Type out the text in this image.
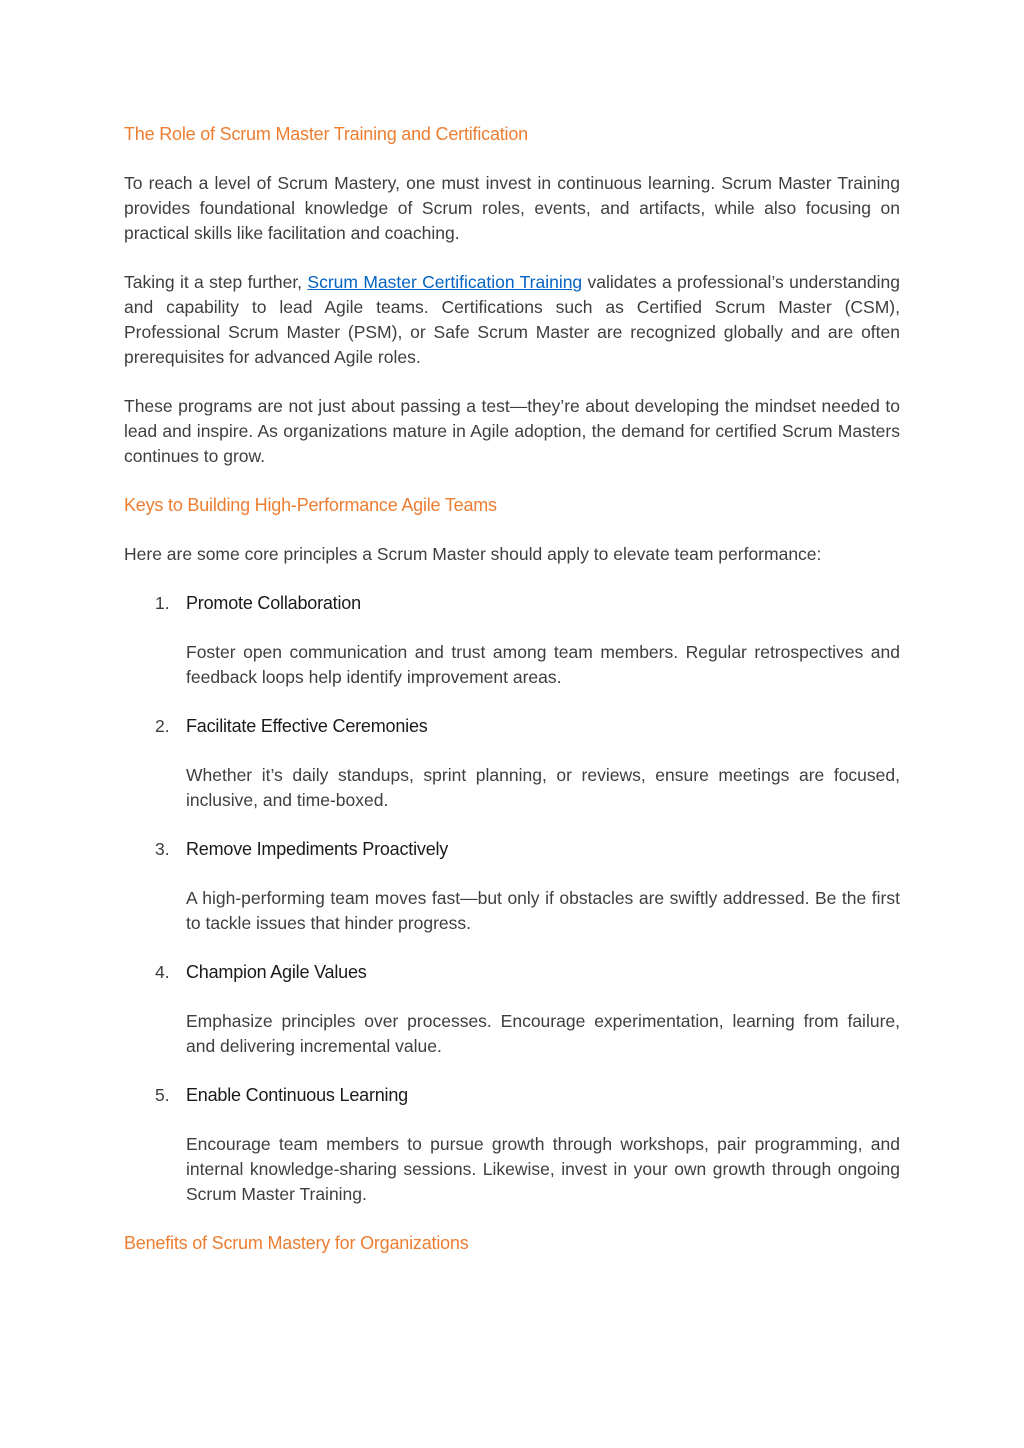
The Role of Scrum Master Training and Certification

To reach a level of Scrum Mastery, one must invest in continuous learning. Scrum Master Training provides foundational knowledge of Scrum roles, events, and artifacts, while also focusing on practical skills like facilitation and coaching.

Taking it a step further, Scrum Master Certification Training validates a professional’s understanding and capability to lead Agile teams. Certifications such as Certified Scrum Master (CSM), Professional Scrum Master (PSM), or Safe Scrum Master are recognized globally and are often prerequisites for advanced Agile roles.

These programs are not just about passing a test—they’re about developing the mindset needed to lead and inspire. As organizations mature in Agile adoption, the demand for certified Scrum Masters continues to grow.

Keys to Building High-Performance Agile Teams

Here are some core principles a Scrum Master should apply to elevate team performance:

1. Promote Collaboration

Foster open communication and trust among team members. Regular retrospectives and feedback loops help identify improvement areas.

2. Facilitate Effective Ceremonies

Whether it’s daily standups, sprint planning, or reviews, ensure meetings are focused, inclusive, and time-boxed.

3. Remove Impediments Proactively

A high-performing team moves fast—but only if obstacles are swiftly addressed. Be the first to tackle issues that hinder progress.

4. Champion Agile Values

Emphasize principles over processes. Encourage experimentation, learning from failure, and delivering incremental value.

5. Enable Continuous Learning

Encourage team members to pursue growth through workshops, pair programming, and internal knowledge-sharing sessions. Likewise, invest in your own growth through ongoing Scrum Master Training.

Benefits of Scrum Mastery for Organizations
